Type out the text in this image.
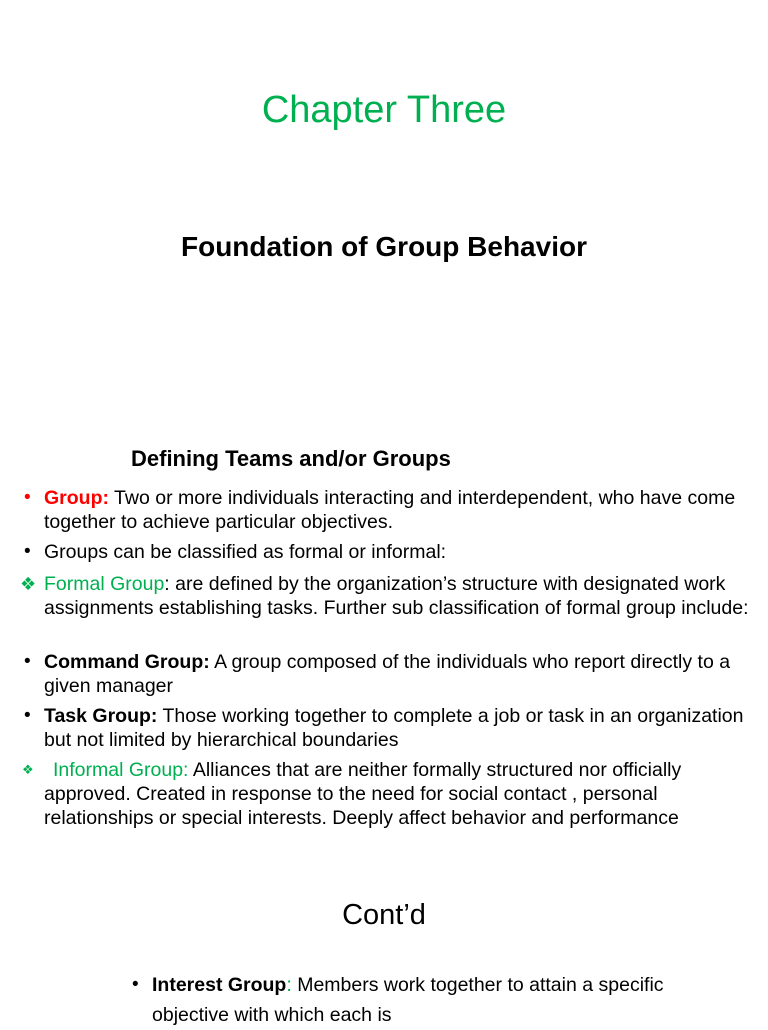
Chapter Three
Foundation of Group Behavior
Defining Teams and/or Groups
• Group: Two or more individuals interacting and interdependent, who have come together to achieve particular objectives.
• Groups can be classified as formal or informal:
❖ Formal Group: are defined by the organization’s structure with designated work assignments establishing tasks. Further sub classification of formal group include:
• Command Group: A group composed of the individuals who report directly to a given manager
• Task Group: Those working together to complete a job or task in an organization but not limited by hierarchical boundaries
❖ Informal Group: Alliances that are neither formally structured nor officially approved. Created in response to the need for social contact , personal relationships or special interests. Deeply affect behavior and performance
Cont’d
• Interest Group: Members work together to attain a specific objective with which each is
